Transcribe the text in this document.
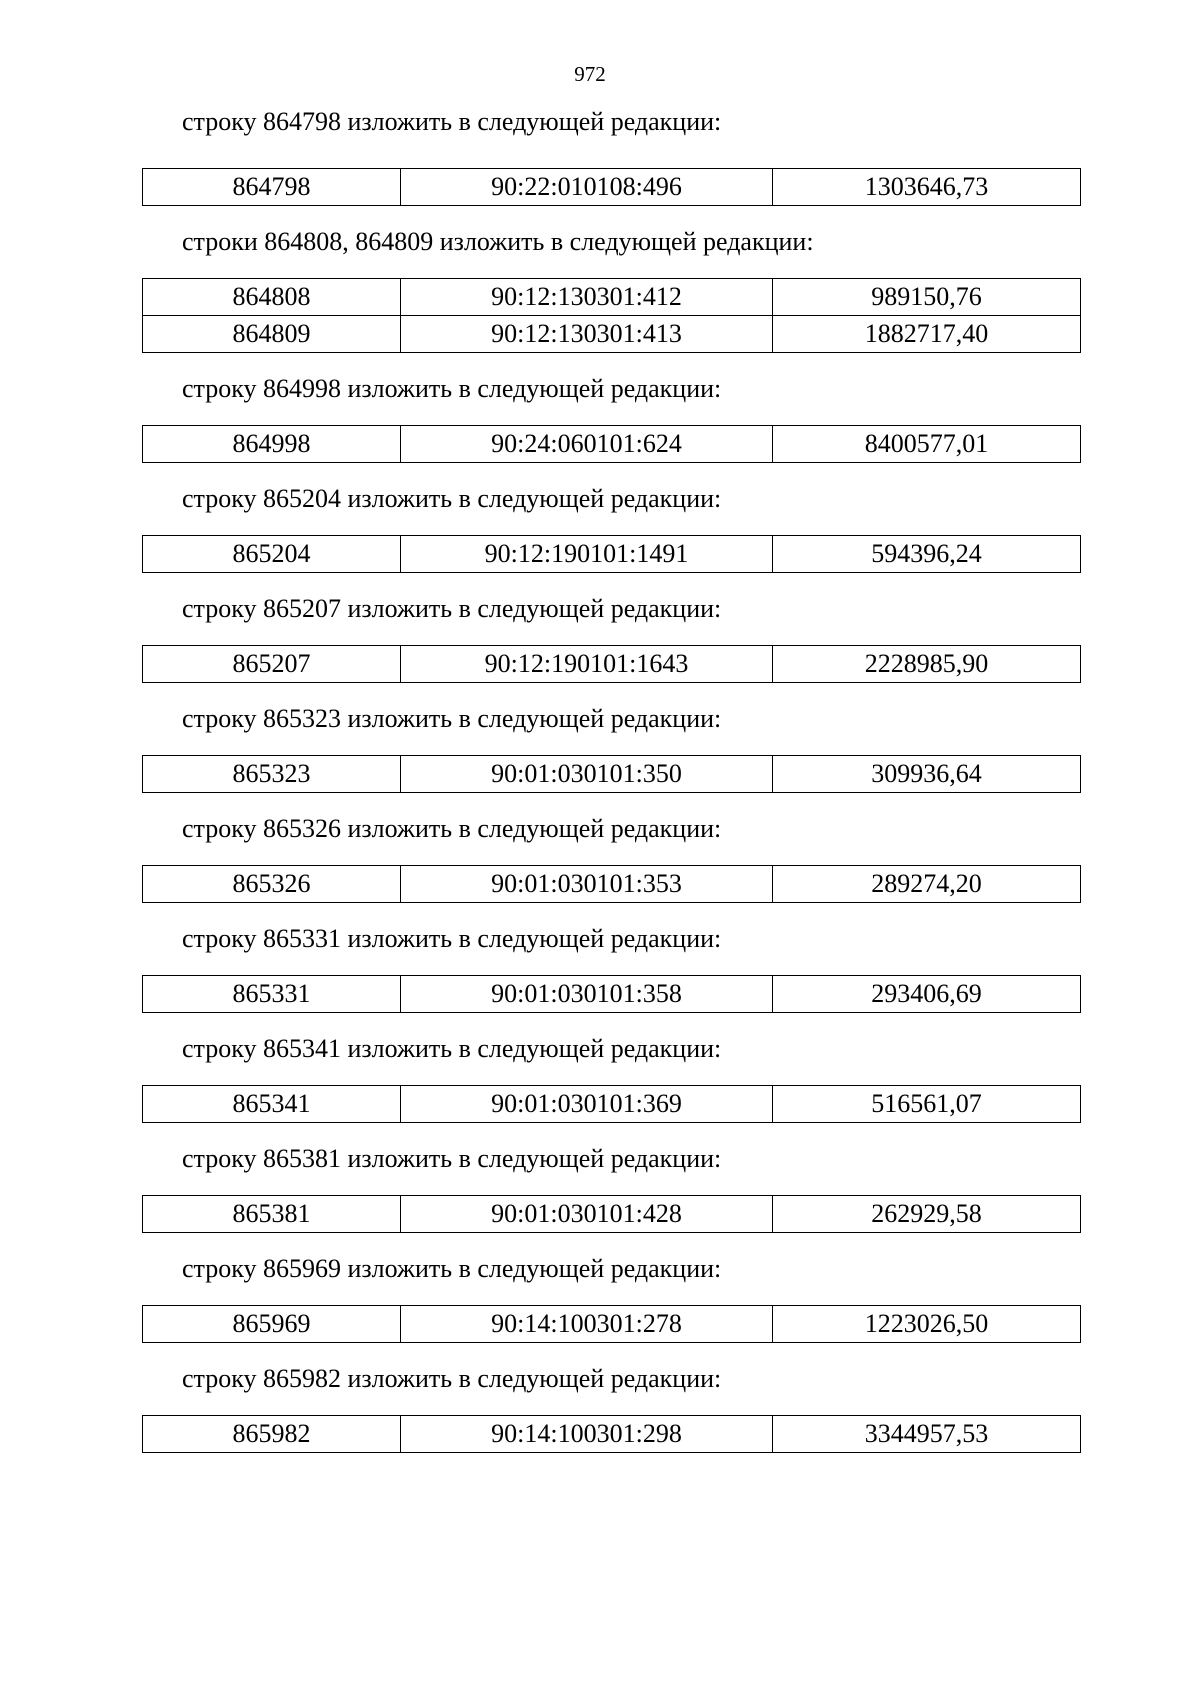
972
строку 864798 изложить в следующей редакции:
864798	90:22:010108:496	1303646,73
строки 864808, 864809 изложить в следующей редакции:
864808	90:12:130301:412	989150,76
864809	90:12:130301:413	1882717,40
строку 864998 изложить в следующей редакции:
864998	90:24:060101:624	8400577,01
строку 865204 изложить в следующей редакции:
865204	90:12:190101:1491	594396,24
строку 865207 изложить в следующей редакции:
865207	90:12:190101:1643	2228985,90
строку 865323 изложить в следующей редакции:
865323	90:01:030101:350	309936,64
строку 865326 изложить в следующей редакции:
865326	90:01:030101:353	289274,20
строку 865331 изложить в следующей редакции:
865331	90:01:030101:358	293406,69
строку 865341 изложить в следующей редакции:
865341	90:01:030101:369	516561,07
строку 865381 изложить в следующей редакции:
865381	90:01:030101:428	262929,58
строку 865969 изложить в следующей редакции:
865969	90:14:100301:278	1223026,50
строку 865982 изложить в следующей редакции:
865982	90:14:100301:298	3344957,53
